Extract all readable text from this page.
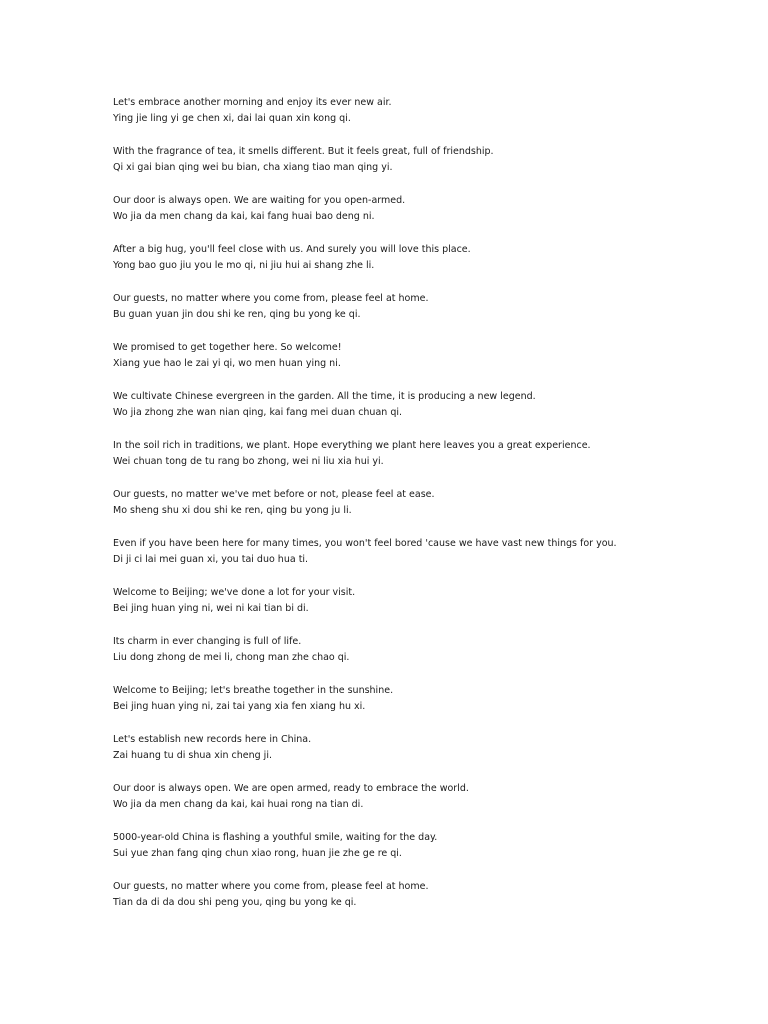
Let's embrace another morning and enjoy its ever new air.
Ying jie ling yi ge chen xi, dai lai quan xin kong qi.
With the fragrance of tea, it smells different. But it feels great, full of friendship.
Qi xi gai bian qing wei bu bian, cha xiang tiao man qing yi.
Our door is always open. We are waiting for you open-armed.
Wo jia da men chang da kai, kai fang huai bao deng ni.
After a big hug, you'll feel close with us. And surely you will love this place.
Yong bao guo jiu you le mo qi, ni jiu hui ai shang zhe li.
Our guests, no matter where you come from, please feel at home.
Bu guan yuan jin dou shi ke ren, qing bu yong ke qi.
We promised to get together here. So welcome!
Xiang yue hao le zai yi qi, wo men huan ying ni.
We cultivate Chinese evergreen in the garden. All the time, it is producing a new legend.
Wo jia zhong zhe wan nian qing, kai fang mei duan chuan qi.
In the soil rich in traditions, we plant. Hope everything we plant here leaves you a great experience.
Wei chuan tong de tu rang bo zhong, wei ni liu xia hui yi.
Our guests, no matter we've met before or not, please feel at ease.
Mo sheng shu xi dou shi ke ren, qing bu yong ju li.
Even if you have been here for many times, you won't feel bored 'cause we have vast new things for you.
Di ji ci lai mei guan xi, you tai duo hua ti.
Welcome to Beijing; we've done a lot for your visit.
Bei jing huan ying ni, wei ni kai tian bi di.
Its charm in ever changing is full of life.
Liu dong zhong de mei li, chong man zhe chao qi.
Welcome to Beijing; let's breathe together in the sunshine.
Bei jing huan ying ni, zai tai yang xia fen xiang hu xi.
Let's establish new records here in China.
Zai huang tu di shua xin cheng ji.
Our door is always open. We are open armed, ready to embrace the world.
Wo jia da men chang da kai, kai huai rong na tian di.
5000-year-old China is flashing a youthful smile, waiting for the day.
Sui yue zhan fang qing chun xiao rong, huan jie zhe ge re qi.
Our guests, no matter where you come from, please feel at home.
Tian da di da dou shi peng you, qing bu yong ke qi.
